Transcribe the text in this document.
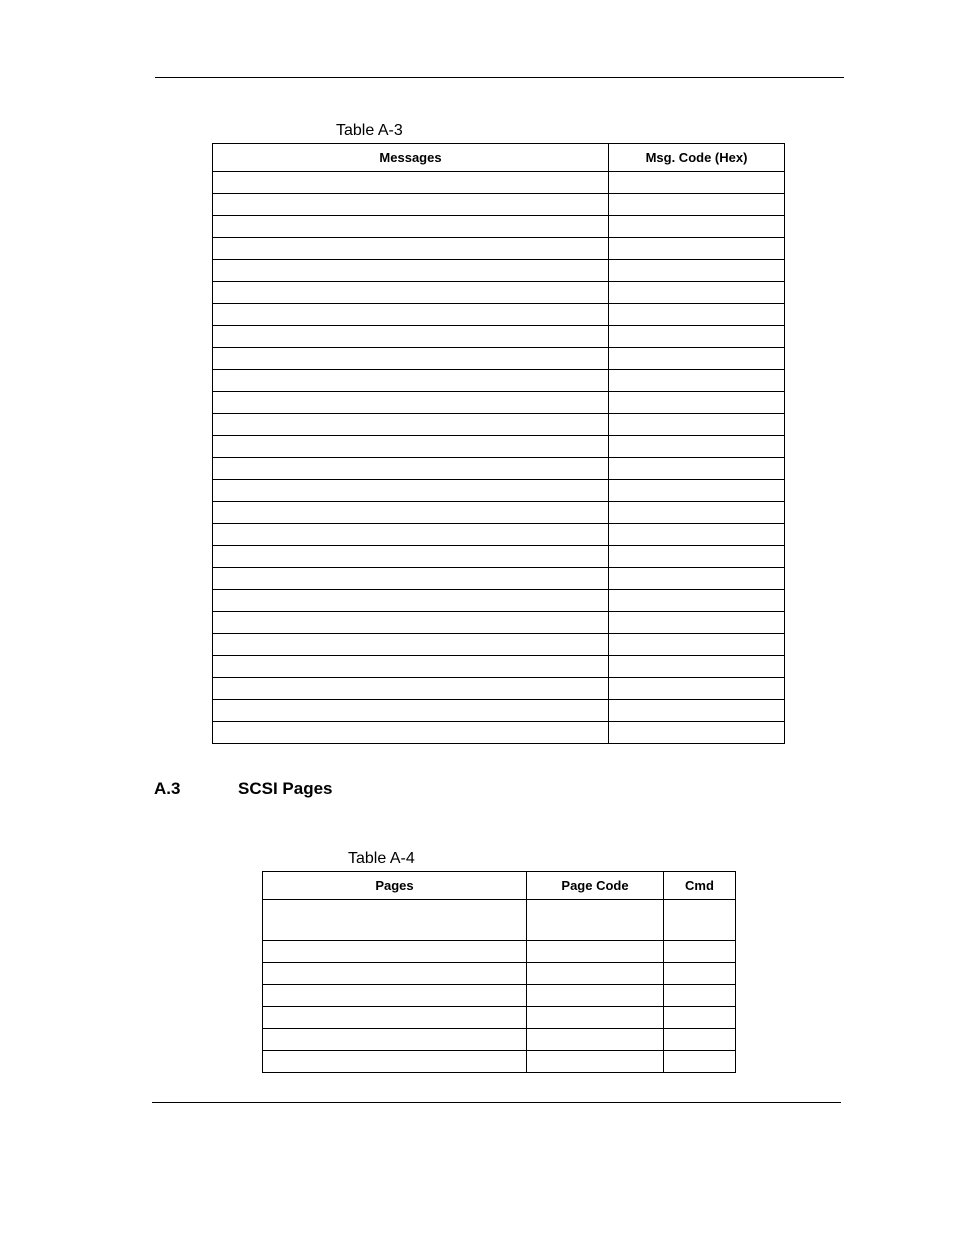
Table A-3
Messages	Msg. Code (Hex)

A.3	SCSI Pages
Table A-4
Pages	Page Code	Cmd
